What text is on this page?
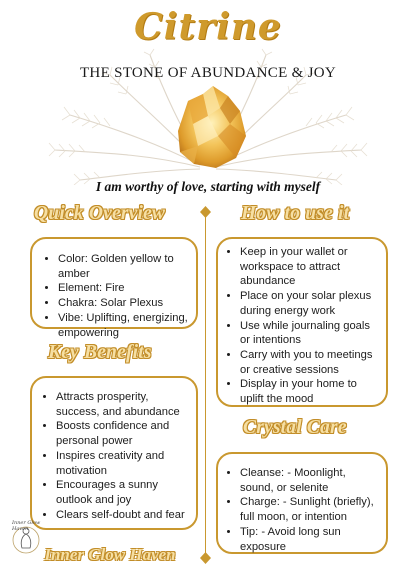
Citrine
THE STONE OF ABUNDANCE & JOY
I am worthy of love, starting with myself
Quick Overview
• Color: Golden yellow to amber
• Element: Fire
• Chakra: Solar Plexus
• Vibe: Uplifting, energizing, empowering
How to use it
• Keep in your wallet or workspace to attract abundance
• Place on your solar plexus during energy work
• Use while journaling goals or intentions
• Carry with you to meetings or creative sessions
• Display in your home to uplift the mood
Key Benefits
• Attracts prosperity, success, and abundance
• Boosts confidence and personal power
• Inspires creativity and motivation
• Encourages a sunny outlook and joy
• Clears self-doubt and fear
Crystal Care
• Cleanse: - Moonlight, sound, or selenite
• Charge: - Sunlight (briefly), full moon, or intention
• Tip: - Avoid long sun exposure
Inner Glow Haven
Inner Glow Haven
